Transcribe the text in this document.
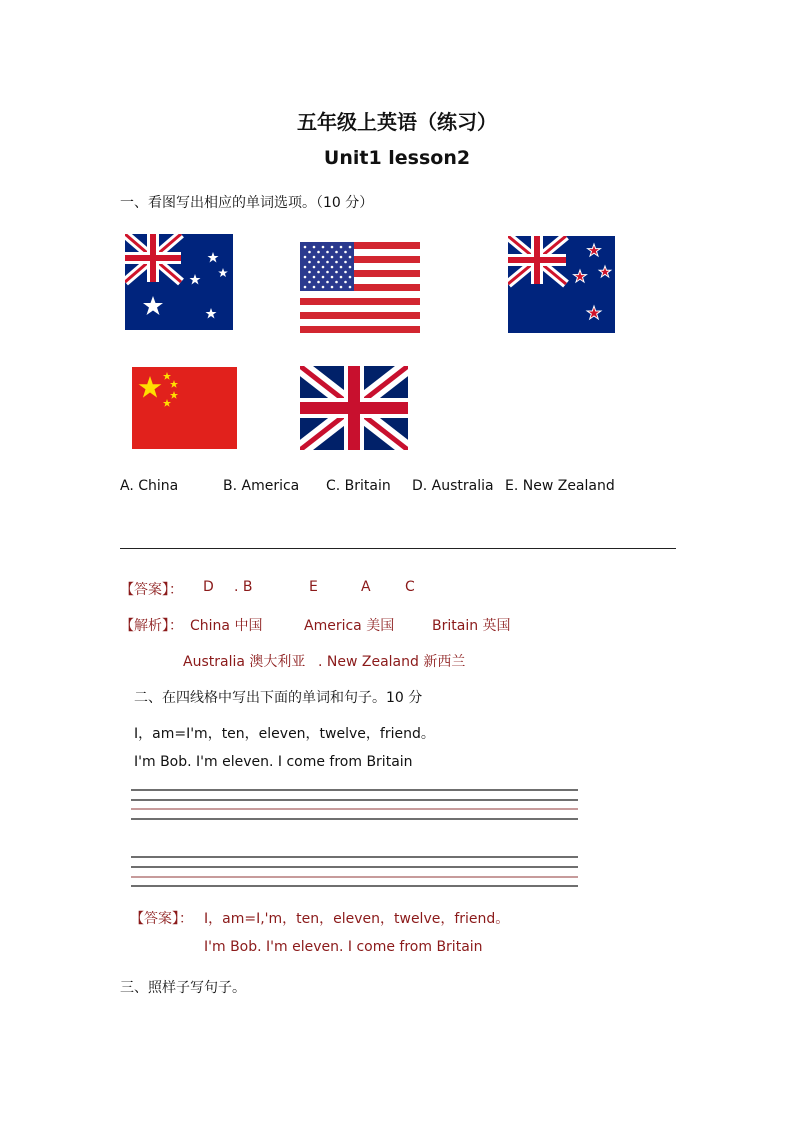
五年级上英语（练习）
Unit1 lesson2
一、看图写出相应的单词选项。（10 分）
A. China	B. America C. Britain D. Australia E. New Zealand
【答案】： D . B	E	A C
【解析】： China 中国	America 美国	Britain 英国
Australia 澳大利亚 . New Zealand 新西兰
二、在四线格中写出下面的单词和句子。10 分
I，am=I'm，ten，eleven，twelve，friend。
I'm Bob. I'm eleven. I come from Britain
【答案】： I，am=I,'m，ten，eleven，twelve，friend。
I'm Bob. I'm eleven. I come from Britain
三、照样子写句子。
